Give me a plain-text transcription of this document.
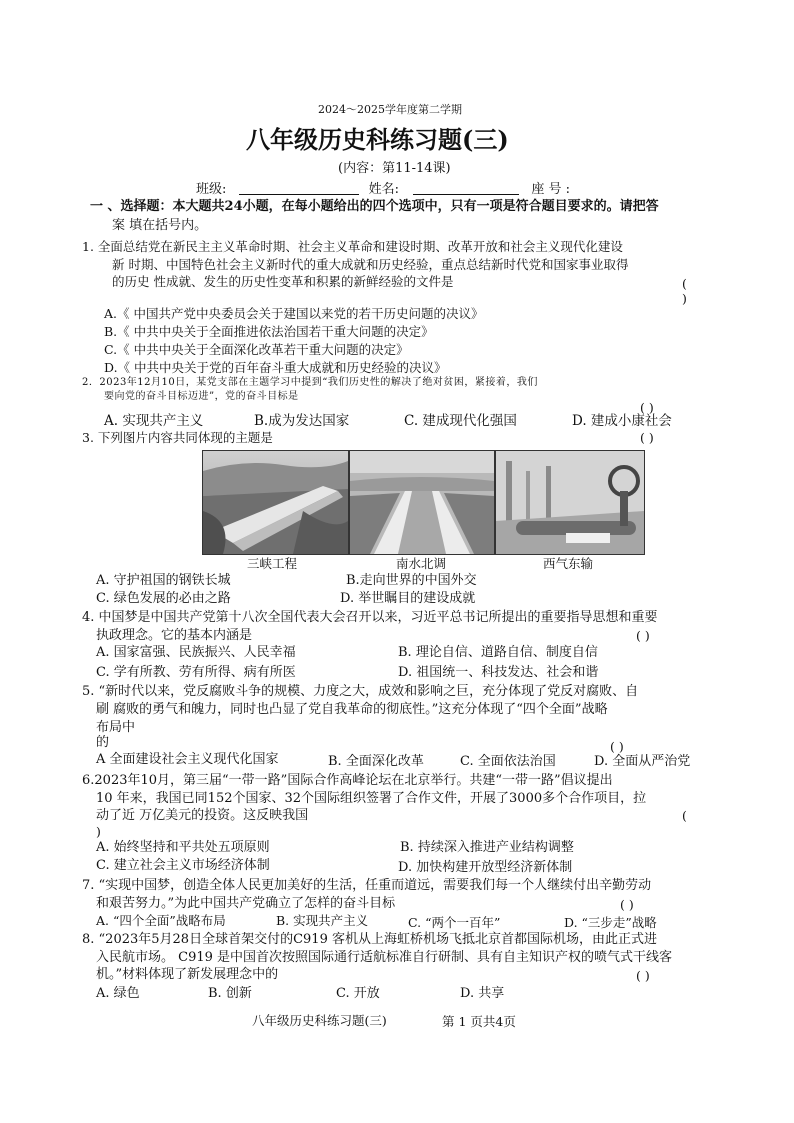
2024～2025学年度第二学期
八年级历史科练习题(三)
(内容：第11-14课)
班级:	姓名:	座 号 :
一 、选择题：本大题共24小题，在每小题给出的四个选项中，只有一项是符合题目要求的。请把答
案 填在括号内。
1. 全面总结党在新民主主义革命时期、社会主义革命和建设时期、改革开放和社会主义现代化建设
新 时期、中国特色社会主义新时代的重大成就和历史经验，重点总结新时代党和国家事业取得
的历史 性成就、发生的历史性变革和积累的新鲜经验的文件是	(
)
A.《 中国共产党中央委员会关于建国以来党的若干历史问题的决议》
B.《 中共中央关于全面推进依法治国若干重大问题的决定》
C.《 中共中央关于全面深化改革若干重大问题的决定》
D.《 中共中央关于党的百年奋斗重大成就和历史经验的决议》
2．2023年12月10日，某党支部在主题学习中提到“我们历史性的解决了绝对贫困，紧接着，我们
要向党的奋斗目标迈进”，党的奋斗目标是
( )
A. 实现共产主义	B.成为发达国家	C. 建成现代化强国	D. 建成小康社会
3. 下列图片内容共同体现的主题是	( )
三峡工程	南水北调	西气东输
A. 守护祖国的钢铁长城	B.走向世界的中国外交
C. 绿色发展的必由之路	D. 举世瞩目的建设成就
4. 中国梦是中国共产党第十八次全国代表大会召开以来，习近平总书记所提出的重要指导思想和重要
执政理念。它的基本内涵是	( )
A. 国家富强、民族振兴、人民幸福	B. 理论自信、道路自信、制度自信
C. 学有所教、劳有所得、病有所医	D. 祖国统一、科技发达、社会和谐
5. “新时代以来，党反腐败斗争的规模、力度之大，成效和影响之巨，充分体现了党反对腐败、自
刷 腐败的勇气和魄力，同时也凸显了党自我革命的彻底性。”这充分体现了“四个全面”战略
布局中
的	( )
A 全面建设社会主义现代化国家	B. 全面深化改革	C. 全面依法治国	D. 全面从严治党
6.2023年10月，第三届“一带一路”国际合作高峰论坛在北京举行。共建“一带一路”倡议提出
10 年来，我国已同152个国家、32个国际组织签署了合作文件，开展了3000多个合作项目，拉
动了近 万亿美元的投资。这反映我国	(
)
A. 始终坚持和平共处五项原则	B. 持续深入推进产业结构调整
C. 建立社会主义市场经济体制	D. 加快构建开放型经济新体制
7. “实现中国梦，创造全体人民更加美好的生活，任重而道远，需要我们每一个人继续付出辛勤劳动
和艰苦努力。”为此中国共产党确立了怎样的奋斗目标	( )
A. “四个全面”战略布局	B. 实现共产主义	C. “两个一百年”	D. “三步走”战略
8. “2023年5月28日全球首架交付的C919 客机从上海虹桥机场飞抵北京首都国际机场，由此正式进
入民航市场。 C919 是中国首次按照国际通行适航标准自行研制、具有自主知识产权的喷气式干线客
机。”材料体现了新发展理念中的	( )
A. 绿色	B. 创新	C. 开放	D. 共享
八年级历史科练习题(三)	第 1 页共4页
